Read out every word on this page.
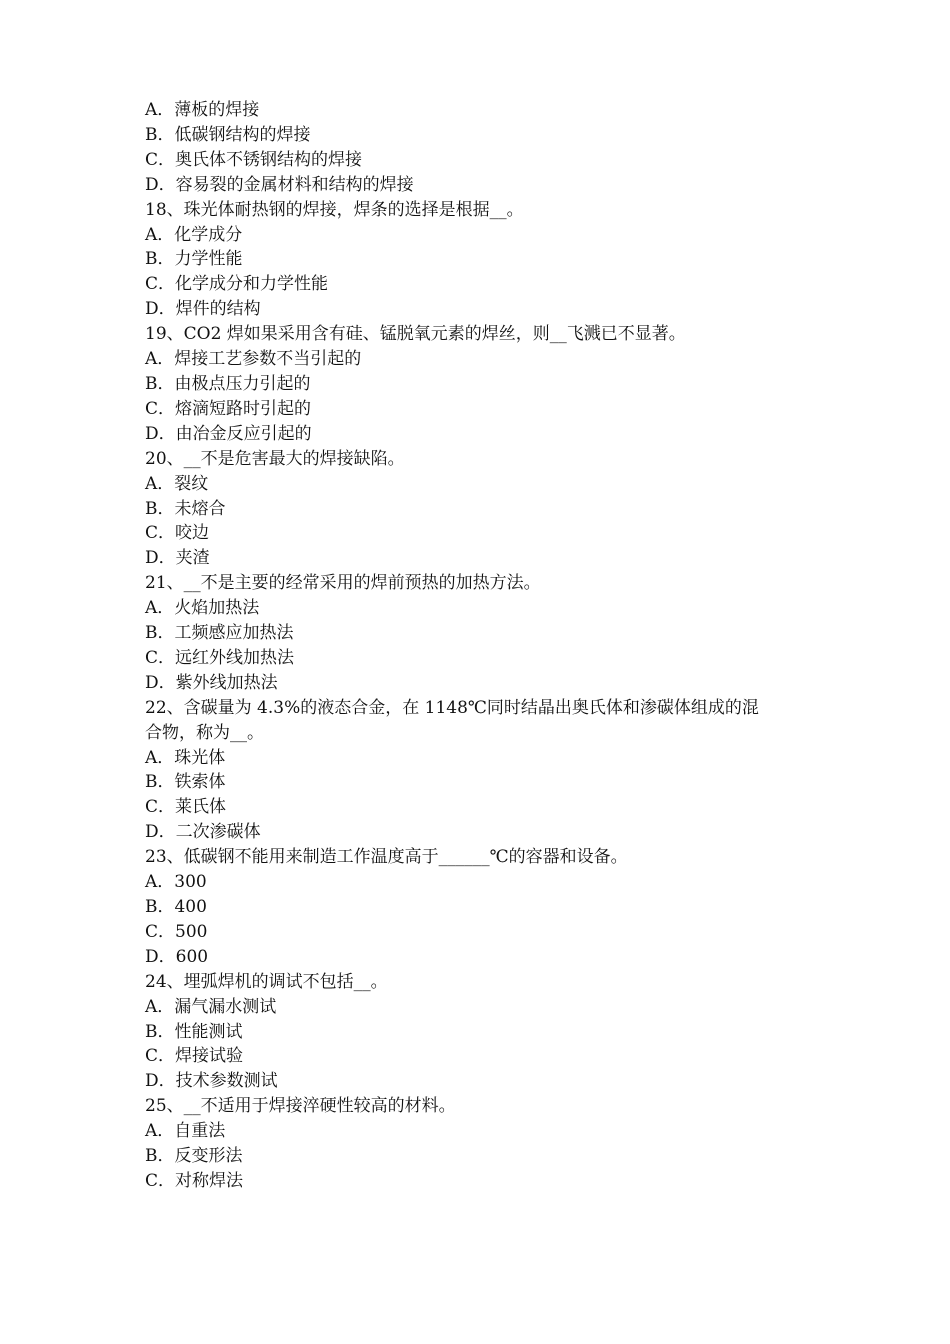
A．薄板的焊接
B．低碳钢结构的焊接
C．奥氏体不锈钢结构的焊接
D．容易裂的金属材料和结构的焊接
18、珠光体耐热钢的焊接，焊条的选择是根据__。
A．化学成分
B．力学性能
C．化学成分和力学性能
D．焊件的结构
19、CO2 焊如果采用含有硅、锰脱氧元素的焊丝，则__飞溅已不显著。
A．焊接工艺参数不当引起的
B．由极点压力引起的
C．熔滴短路时引起的
D．由冶金反应引起的
20、__不是危害最大的焊接缺陷。
A．裂纹
B．未熔合
C．咬边
D．夹渣
21、__不是主要的经常采用的焊前预热的加热方法。
A．火焰加热法
B．工频感应加热法
C．远红外线加热法
D．紫外线加热法
22、含碳量为 4.3%的液态合金，在 1148℃同时结晶出奥氏体和渗碳体组成的混
合物，称为__。
A．珠光体
B．铁索体
C．莱氏体
D．二次渗碳体
23、低碳钢不能用来制造工作温度高于______℃的容器和设备。
A．300
B．400
C．500
D．600
24、埋弧焊机的调试不包括__。
A．漏气漏水测试
B．性能测试
C．焊接试验
D．技术参数测试
25、__不适用于焊接淬硬性较高的材料。
A．自重法
B．反变形法
C．对称焊法
